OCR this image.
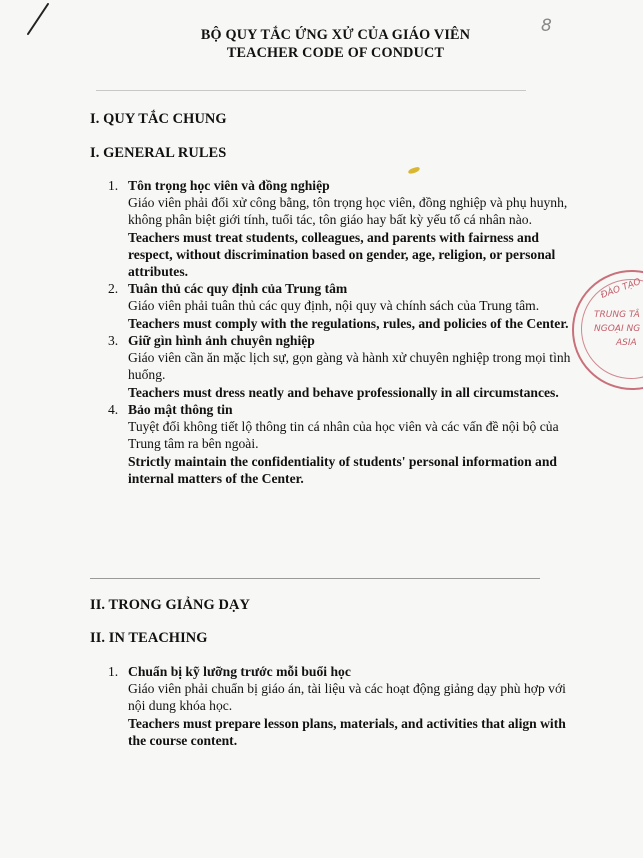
8
BỘ QUY TẮC ỨNG XỬ CỦA GIÁO VIÊN
TEACHER CODE OF CONDUCT
I. QUY TẮC CHUNG
I. GENERAL RULES
1. Tôn trọng học viên và đồng nghiệp
Giáo viên phải đối xử công bằng, tôn trọng học viên, đồng nghiệp và phụ huynh, không phân biệt giới tính, tuổi tác, tôn giáo hay bất kỳ yếu tố cá nhân nào.
Teachers must treat students, colleagues, and parents with fairness and respect, without discrimination based on gender, age, religion, or personal attributes.
2. Tuân thủ các quy định của Trung tâm
Giáo viên phải tuân thủ các quy định, nội quy và chính sách của Trung tâm.
Teachers must comply with the regulations, rules, and policies of the Center.
3. Giữ gìn hình ảnh chuyên nghiệp
Giáo viên cần ăn mặc lịch sự, gọn gàng và hành xử chuyên nghiệp trong mọi tình huống.
Teachers must dress neatly and behave professionally in all circumstances.
4. Bảo mật thông tin
Tuyệt đối không tiết lộ thông tin cá nhân của học viên và các vấn đề nội bộ của Trung tâm ra bên ngoài.
Strictly maintain the confidentiality of students' personal information and internal matters of the Center.
II. TRONG GIẢNG DẠY
II. IN TEACHING
1. Chuẩn bị kỹ lưỡng trước mỗi buổi học
Giáo viên phải chuẩn bị giáo án, tài liệu và các hoạt động giảng dạy phù hợp với nội dung khóa học.
Teachers must prepare lesson plans, materials, and activities that align with the course content.
ĐÀO TẠO
TRUNG TÂ
NGOẠI NG
ASIA
